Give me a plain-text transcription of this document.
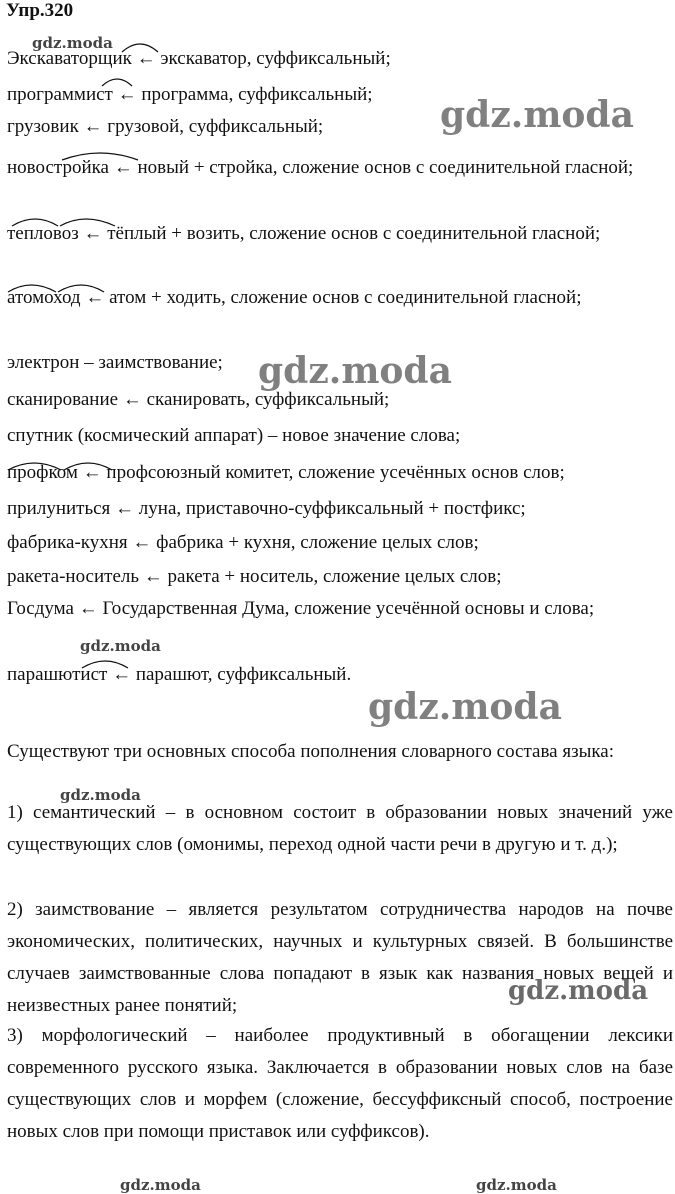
Упр.320
Экскаваторщик ← экскаватор, суффиксальный;
программист ← программа, суффиксальный;
грузовик ← грузовой, суффиксальный;
новостройка ← новый + стройка, сложение основ с соединительной гласной;
тепловоз ← тёплый + возить, сложение основ с соединительной гласной;
атомоход ← атом + ходить, сложение основ с соединительной гласной;
электрон – заимствование;
сканирование ← сканировать, суффиксальный;
спутник (космический аппарат) – новое значение слова;
профком ← профсоюзный комитет, сложение усечённых основ слов;
прилуниться ← луна, приставочно-суффиксальный + постфикс;
фабрика-кухня ← фабрика + кухня, сложение целых слов;
ракета-носитель ← ракета + носитель, сложение целых слов;
Госдума ← Государственная Дума, сложение усечённой основы и слова;
парашютист ← парашют, суффиксальный.
Существуют три основных способа пополнения словарного состава языка:
1) семантический – в основном состоит в образовании новых значений уже существующих слов (омонимы, переход одной части речи в другую и т. д.);
2) заимствование – является результатом сотрудничества народов на почве экономических, политических, научных и культурных связей. В большинстве случаев заимствованные слова попадают в язык как названия новых вещей и неизвестных ранее понятий;
3) морфологический – наиболее продуктивный в обогащении лексики современного русского языка. Заключается в образовании новых слов на базе существующих слов и морфем (сложение, бессуффиксный способ, построение новых слов при помощи приставок или суффиксов).
gdz.moda
gdz.moda
gdz.moda
gdz.moda
gdz.moda
gdz.moda
gdz.moda
gdz.moda	gdz.moda
